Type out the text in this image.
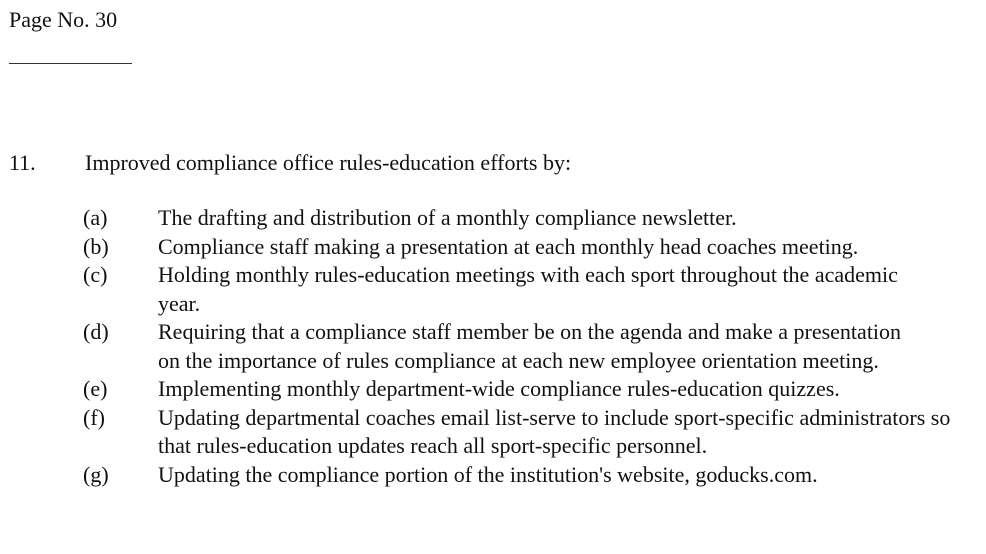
Page No. 30
11. Improved compliance office rules-education efforts by:
(a) The drafting and distribution of a monthly compliance newsletter.
(b) Compliance staff making a presentation at each monthly head coaches meeting.
(c) Holding monthly rules-education meetings with each sport throughout the academic year.
(d) Requiring that a compliance staff member be on the agenda and make a presentation on the importance of rules compliance at each new employee orientation meeting.
(e) Implementing monthly department-wide compliance rules-education quizzes.
(f) Updating departmental coaches email list-serve to include sport-specific administrators so that rules-education updates reach all sport-specific personnel.
(g) Updating the compliance portion of the institution's website, goducks.com.
